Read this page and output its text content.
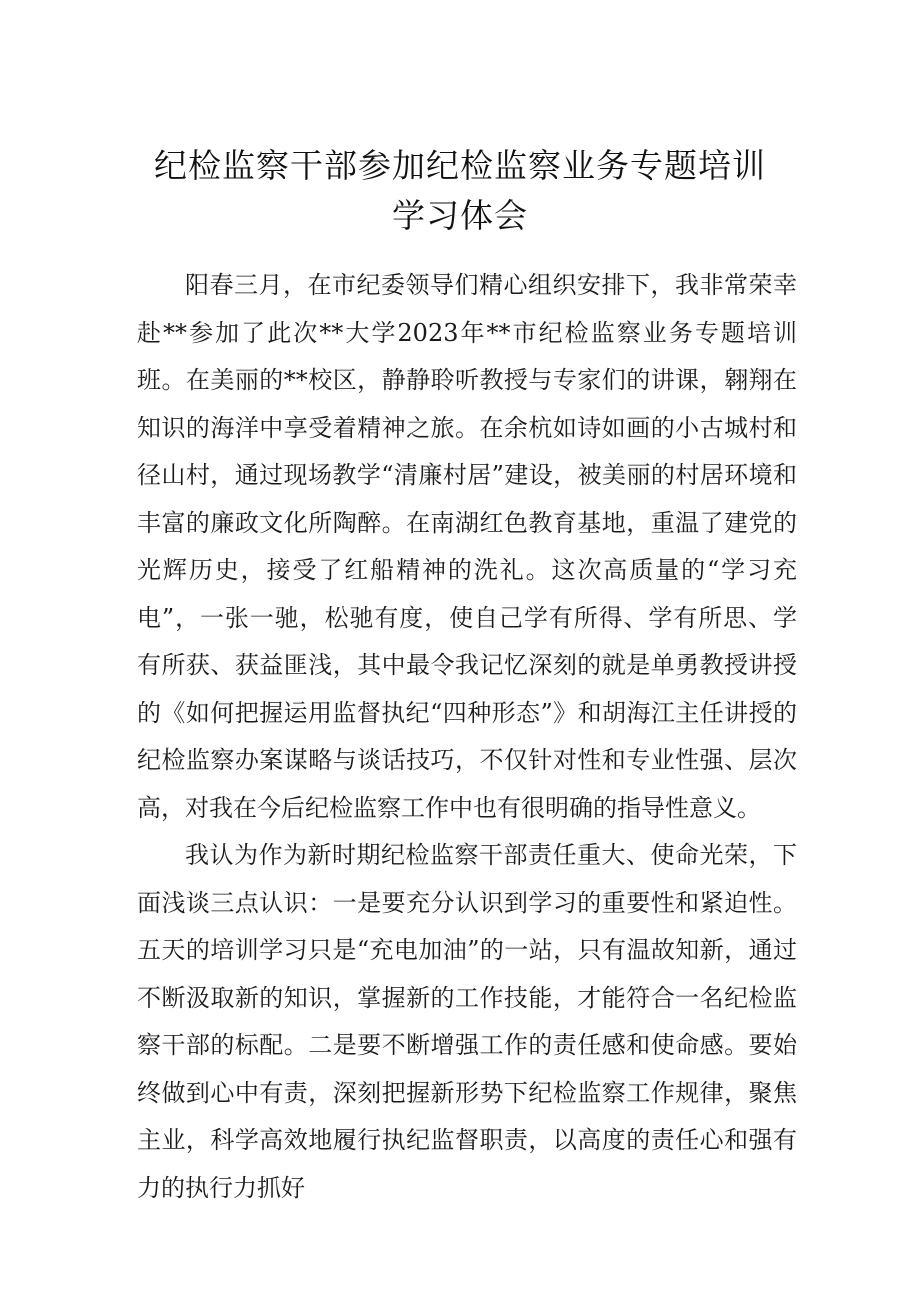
纪检监察干部参加纪检监察业务专题培训
学习体会

阳春三月，在市纪委领导们精心组织安排下，我非常荣幸赴**参加了此次**大学2023年**市纪检监察业务专题培训班。在美丽的**校区，静静聆听教授与专家们的讲课，翱翔在知识的海洋中享受着精神之旅。在余杭如诗如画的小古城村和径山村，通过现场教学“清廉村居”建设，被美丽的村居环境和丰富的廉政文化所陶醉。在南湖红色教育基地，重温了建党的光辉历史，接受了红船精神的洗礼。这次高质量的“学习充电”，一张一驰，松驰有度，使自己学有所得、学有所思、学有所获、获益匪浅，其中最令我记忆深刻的就是单勇教授讲授的《如何把握运用监督执纪“四种形态”》和胡海江主任讲授的纪检监察办案谋略与谈话技巧，不仅针对性和专业性强、层次高，对我在今后纪检监察工作中也有很明确的指导性意义。

我认为作为新时期纪检监察干部责任重大、使命光荣，下面浅谈三点认识：一是要充分认识到学习的重要性和紧迫性。五天的培训学习只是“充电加油”的一站，只有温故知新，通过不断汲取新的知识，掌握新的工作技能，才能符合一名纪检监察干部的标配。二是要不断增强工作的责任感和使命感。要始终做到心中有责，深刻把握新形势下纪检监察工作规律，聚焦主业，科学高效地履行执纪监督职责，以高度的责任心和强有力的执行力抓好
